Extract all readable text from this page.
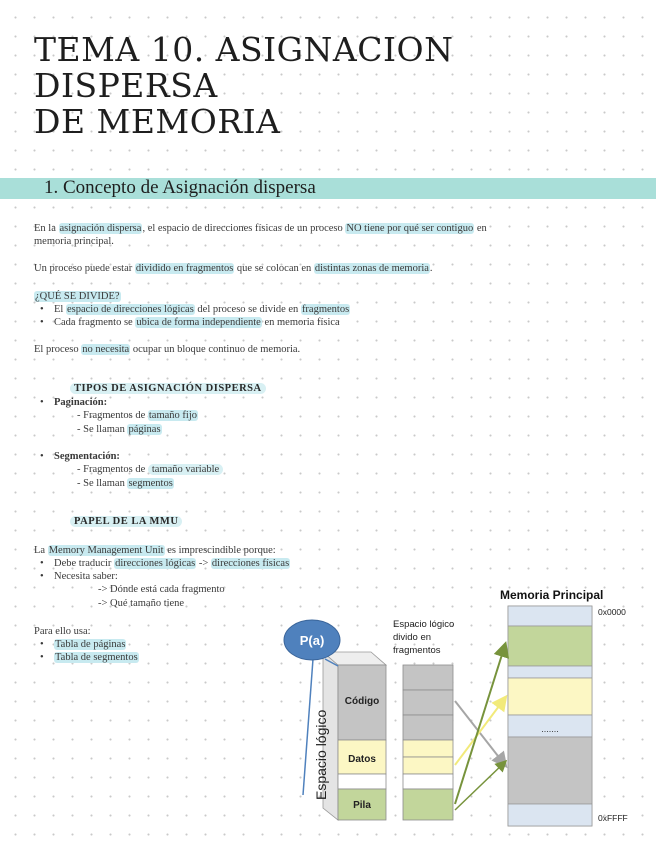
TEMA 10. ASIGNACION DISPERSA
DE MEMORIA
1. Concepto de Asignación dispersa
En la asignación dispersa, el espacio de direcciones físicas de un proceso NO tiene por qué ser contiguo en
memoria principal.
Un proceso puede estar dividido en fragmentos que se colocan en distintas zonas de memoria.
¿QUÉ SE DIVIDE?
• El espacio de direcciones lógicas del proceso se divide en fragmentos
• Cada fragmento se ubica de forma independiente en memoria física
El proceso no necesita ocupar un bloque continuo de memoria.
TIPOS DE ASIGNACIÓN DISPERSA
• Paginación:
- Fragmentos de tamaño fijo
- Se llaman páginas
• Segmentación:
- Fragmentos de tamaño variable
- Se llaman segmentos
PAPEL DE LA MMU
La Memory Management Unit es imprescindible porque:
• Debe traducir direcciones lógicas -> direcciones físicas
• Necesita saber:
-> Dónde está cada fragmento
-> Qué tamaño tiene
Para ello usa:
• Tabla de páginas
• Tabla de segmentos
Código
Datos
Pila
P(a)
Espacio lógico
Espacio lógico
divido en
fragmentos
Memoria Principal
0x0000
0xFFFF
.......
